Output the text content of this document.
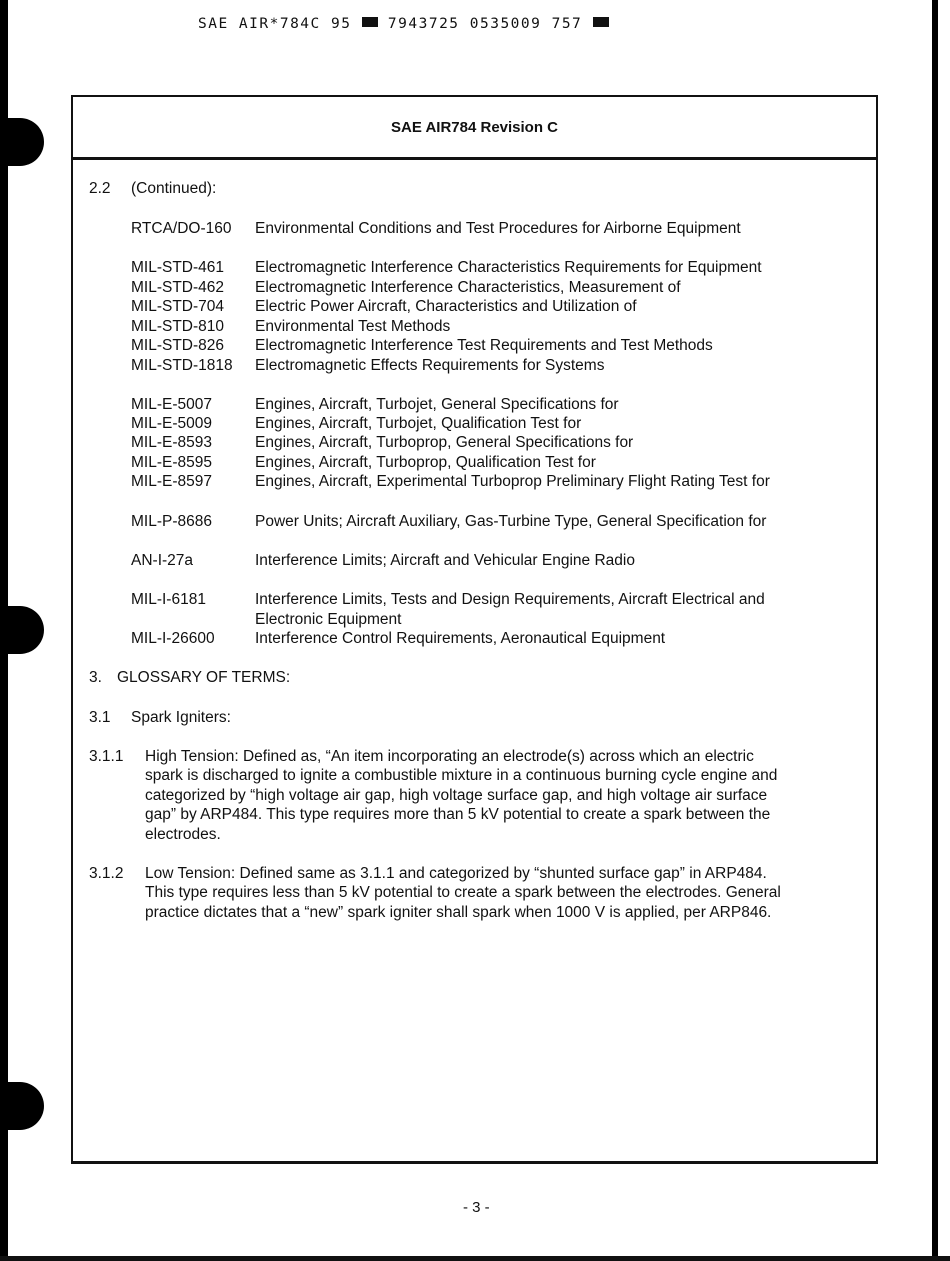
SAE AIR*784C 95	7943725 0535009 757
SAE AIR784 Revision C
2.2 (Continued):
RTCA/DO-160 Environmental Conditions and Test Procedures for Airborne Equipment
MIL-STD-461 Electromagnetic Interference Characteristics Requirements for Equipment
MIL-STD-462 Electromagnetic Interference Characteristics, Measurement of
MIL-STD-704 Electric Power Aircraft, Characteristics and Utilization of
MIL-STD-810 Environmental Test Methods
MIL-STD-826 Electromagnetic Interference Test Requirements and Test Methods
MIL-STD-1818 Electromagnetic Effects Requirements for Systems
MIL-E-5007	Engines, Aircraft, Turbojet, General Specifications for
MIL-E-5009	Engines, Aircraft, Turbojet, Qualification Test for
MIL-E-8593	Engines, Aircraft, Turboprop, General Specifications for
MIL-E-8595	Engines, Aircraft, Turboprop, Qualification Test for
MIL-E-8597	Engines, Aircraft, Experimental Turboprop Preliminary Flight Rating Test for
MIL-P-8686	Power Units; Aircraft Auxiliary, Gas-Turbine Type, General Specification for
AN-I-27a	Interference Limits; Aircraft and Vehicular Engine Radio
MIL-I-6181	Interference Limits, Tests and Design Requirements, Aircraft Electrical and
Electronic Equipment
MIL-I-26600	Interference Control Requirements, Aeronautical Equipment
3. GLOSSARY OF TERMS:
3.1 Spark Igniters:
3.1.1 High Tension: Defined as, “An item incorporating an electrode(s) across which an electric
spark is discharged to ignite a combustible mixture in a continuous burning cycle engine and
categorized by “high voltage air gap, high voltage surface gap, and high voltage air surface
gap” by ARP484. This type requires more than 5 kV potential to create a spark between the
electrodes.
3.1.2 Low Tension: Defined same as 3.1.1 and categorized by “shunted surface gap” in ARP484.
This type requires less than 5 kV potential to create a spark between the electrodes. General
practice dictates that a “new” spark igniter shall spark when 1000 V is applied, per ARP846.
- 3 -
